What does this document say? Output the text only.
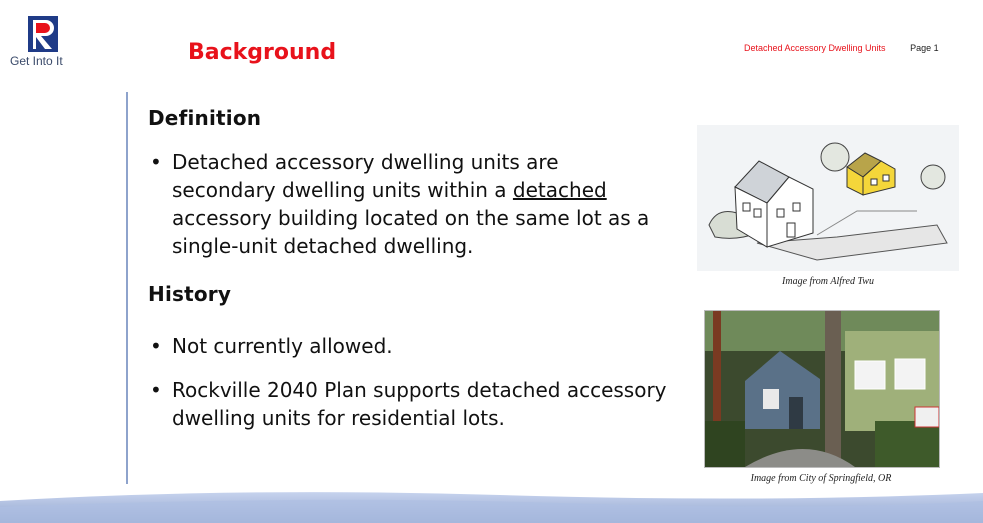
Get Into It	Background	Detached Accessory Dwelling Units	Page 1
Definition
• Detached accessory dwelling units are secondary dwelling units within a detached accessory building located on the same lot as a single-unit detached dwelling.
History
• Not currently allowed.
• Rockville 2040 Plan supports detached accessory dwelling units for residential lots.
Image from Alfred Twu
Image from City of Springfield, OR
